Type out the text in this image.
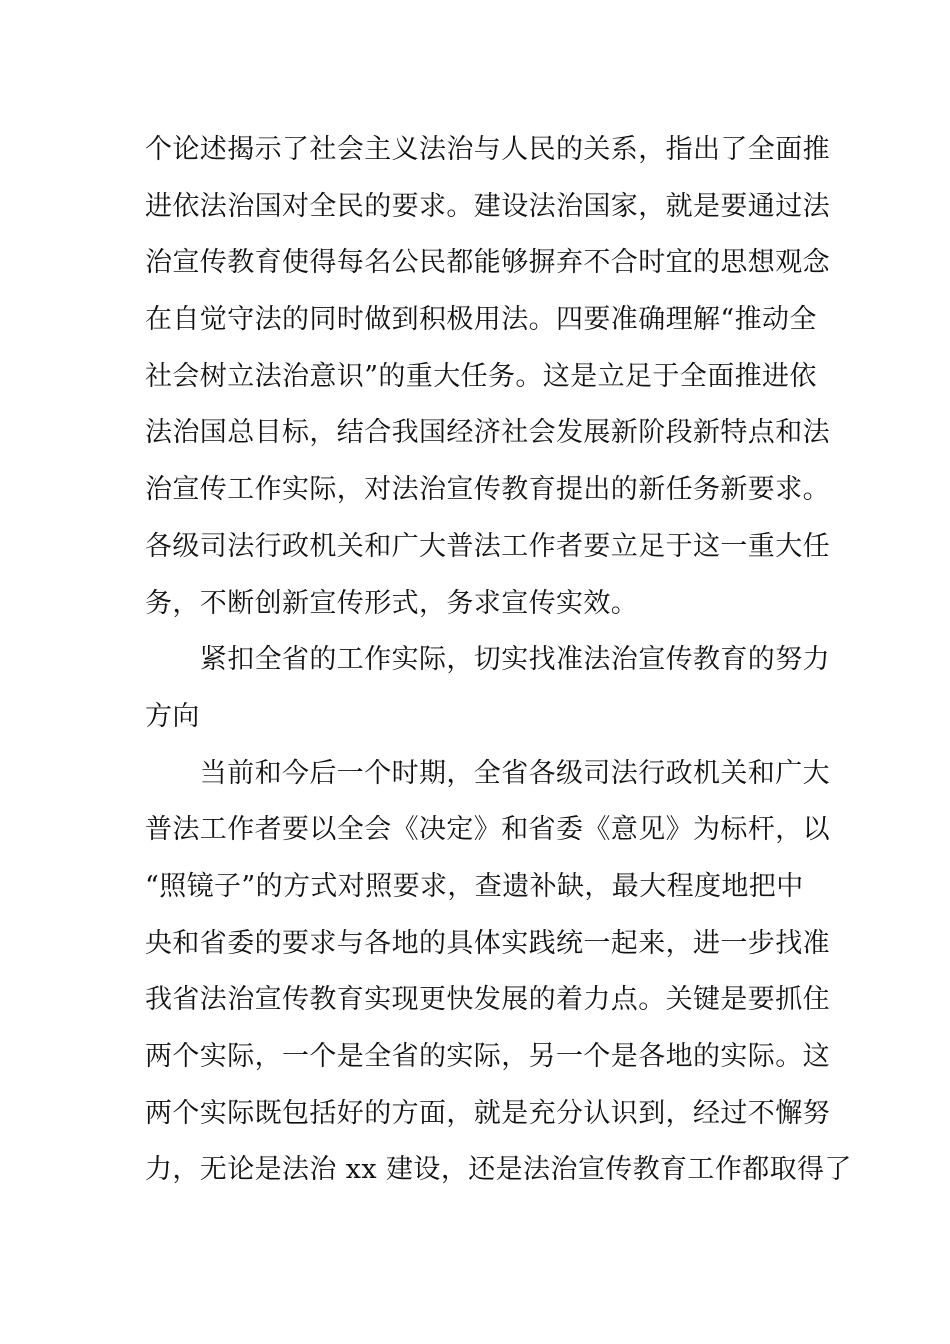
个论述揭示了社会主义法治与人民的关系，指出了全面推
进依法治国对全民的要求。建设法治国家，就是要通过法
治宣传教育使得每名公民都能够摒弃不合时宜的思想观念
在自觉守法的同时做到积极用法。四要准确理解“推动全
社会树立法治意识”的重大任务。这是立足于全面推进依
法治国总目标，结合我国经济社会发展新阶段新特点和法
治宣传工作实际，对法治宣传教育提出的新任务新要求。
各级司法行政机关和广大普法工作者要立足于这一重大任
务，不断创新宣传形式，务求宣传实效。
　　紧扣全省的工作实际，切实找准法治宣传教育的努力
方向
　　当前和今后一个时期，全省各级司法行政机关和广大
普法工作者要以全会《决定》和省委《意见》为标杆，以
“照镜子”的方式对照要求，查遗补缺，最大程度地把中
央和省委的要求与各地的具体实践统一起来，进一步找准
我省法治宣传教育实现更快发展的着力点。关键是要抓住
两个实际，一个是全省的实际，另一个是各地的实际。这
两个实际既包括好的方面，就是充分认识到，经过不懈努
力，无论是法治 xx 建设，还是法治宣传教育工作都取得了
